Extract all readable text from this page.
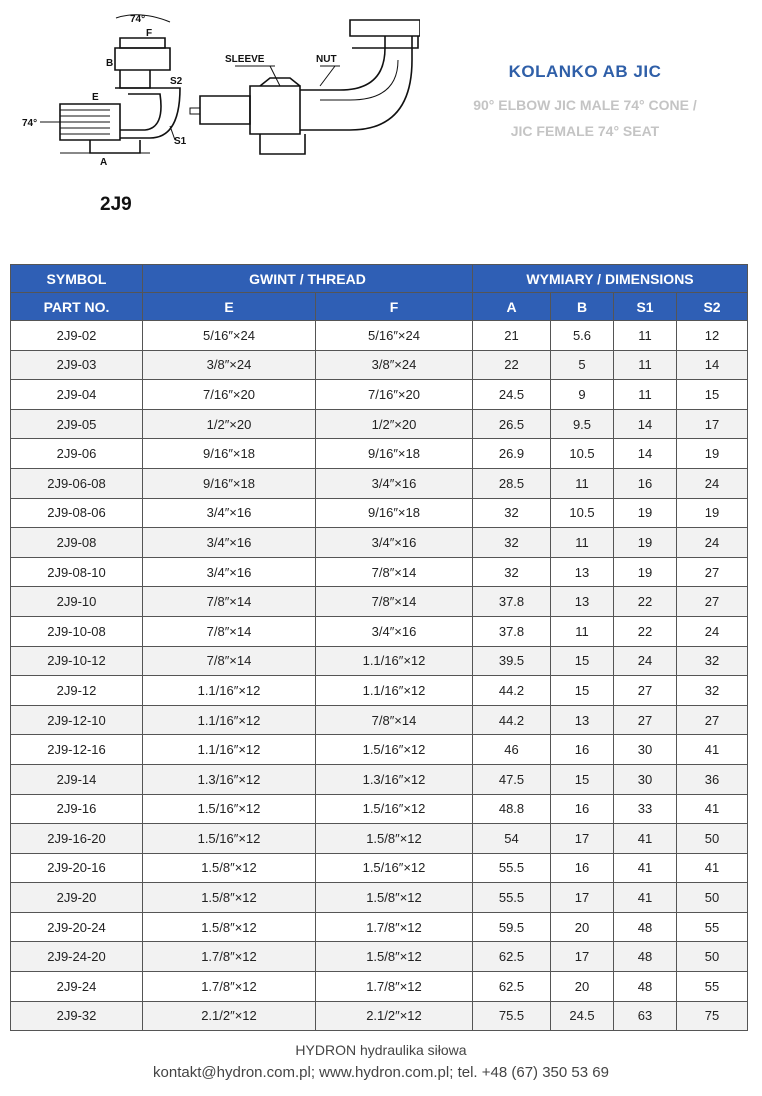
74°
F
B
E
74°
A
S1
S2
SLEEVE	NUT
2J9
KOLANKO AB JIC
90° ELBOW JIC MALE 74° CONE /
JIC FEMALE 74° SEAT
SYMBOL	GWINT / THREAD		WYMIARY / DIMENSIONS			
PART NO.	E	F	A	B	S1	S2
2J9-02	5/16″×24	5/16″×24	21	5.6	11	12
2J9-03	3/8″×24	3/8″×24	22	5	11	14
2J9-04	7/16″×20	7/16″×20	24.5	9	11	15
2J9-05	1/2″×20	1/2″×20	26.5	9.5	14	17
2J9-06	9/16″×18	9/16″×18	26.9	10.5	14	19
2J9-06-08	9/16″×18	3/4″×16	28.5	11	16	24
2J9-08-06	3/4″×16	9/16″×18	32	10.5	19	19
2J9-08	3/4″×16	3/4″×16	32	11	19	24
2J9-08-10	3/4″×16	7/8″×14	32	13	19	27
2J9-10	7/8″×14	7/8″×14	37.8	13	22	27
2J9-10-08	7/8″×14	3/4″×16	37.8	11	22	24
2J9-10-12	7/8″×14	1.1/16″×12	39.5	15	24	32
2J9-12	1.1/16″×12	1.1/16″×12	44.2	15	27	32
2J9-12-10	1.1/16″×12	7/8″×14	44.2	13	27	27
2J9-12-16	1.1/16″×12	1.5/16″×12	46	16	30	41
2J9-14	1.3/16″×12	1.3/16″×12	47.5	15	30	36
2J9-16	1.5/16″×12	1.5/16″×12	48.8	16	33	41
2J9-16-20	1.5/16″×12	1.5/8″×12	54	17	41	50
2J9-20-16	1.5/8″×12	1.5/16″×12	55.5	16	41	41
2J9-20	1.5/8″×12	1.5/8″×12	55.5	17	41	50
2J9-20-24	1.5/8″×12	1.7/8″×12	59.5	20	48	55
2J9-24-20	1.7/8″×12	1.5/8″×12	62.5	17	48	50
2J9-24	1.7/8″×12	1.7/8″×12	62.5	20	48	55
2J9-32	2.1/2″×12	2.1/2″×12	75.5	24.5	63	75
HYDRON hydraulika siłowa
kontakt@hydron.com.pl; www.hydron.com.pl; tel. +48 (67) 350 53 69
